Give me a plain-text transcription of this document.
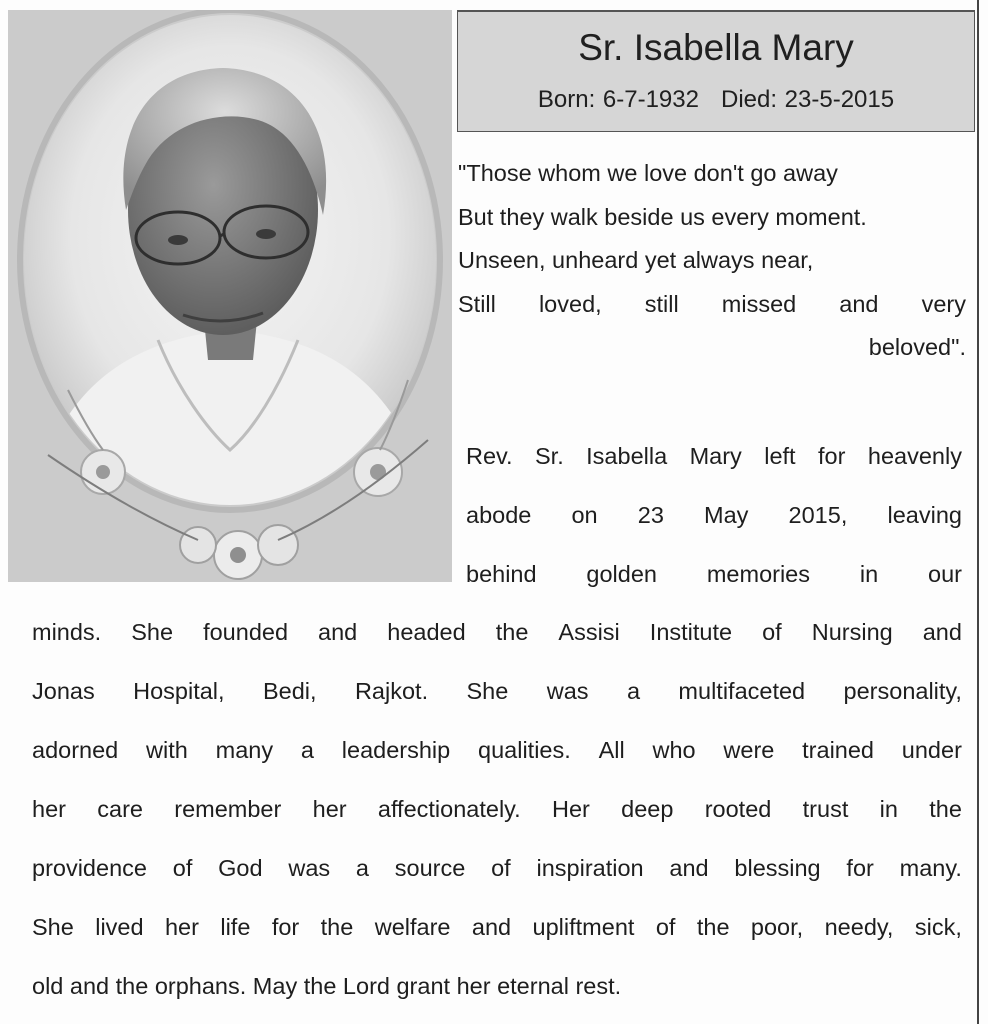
Sr. Isabella Mary
Born: 6-7-1932 Died: 23-5-2015
"Those whom we love don't go away
But they walk beside us every moment.
Unseen, unheard yet always near,
Still loved, still missed and very
beloved".
Rev. Sr. Isabella Mary left for heavenly
abode on 23 May 2015, leaving
behind golden memories in our
minds. She founded and headed the Assisi Institute of Nursing and
Jonas Hospital, Bedi, Rajkot. She was a multifaceted personality,
adorned with many a leadership qualities. All who were trained under
her care remember her affectionately. Her deep rooted trust in the
providence of God was a source of inspiration and blessing for many.
She lived her life for the welfare and upliftment of the poor, needy, sick,
old and the orphans. May the Lord grant her eternal rest.
